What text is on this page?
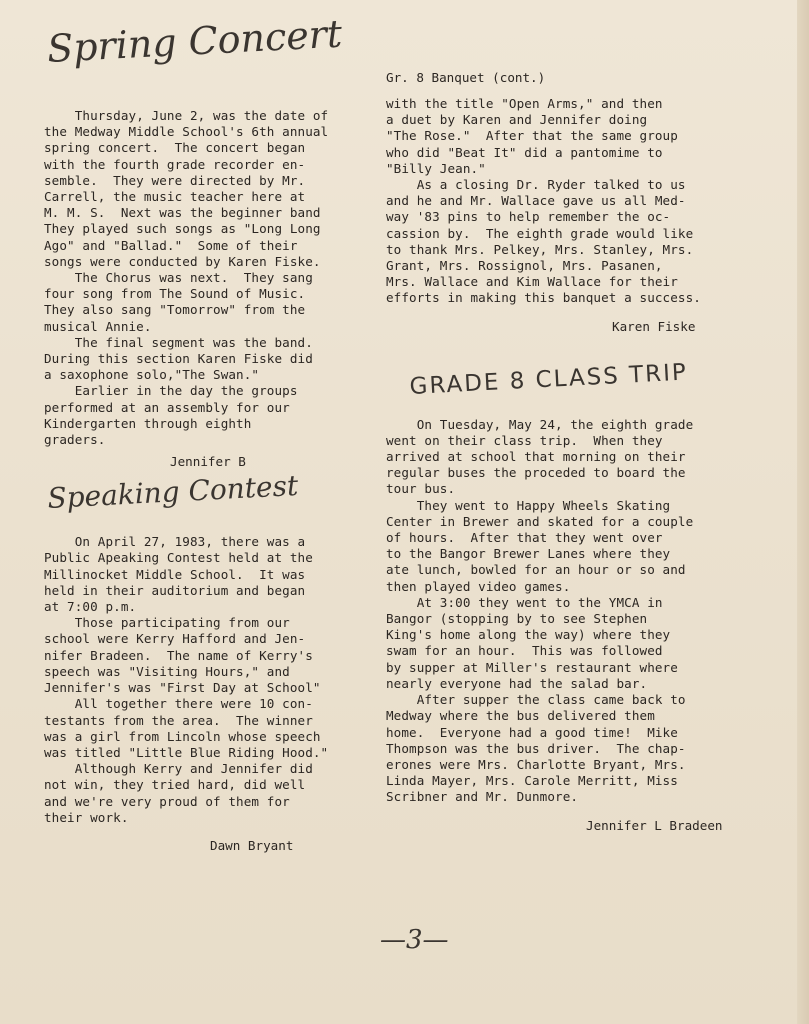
Spring Concert

Thursday, June 2, was the date of
the Medway Middle School's 6th annual
spring concert.  The concert began
with the fourth grade recorder en-
semble.  They were directed by Mr.
Carrell, the music teacher here at
M. M. S.  Next was the beginner band
They played such songs as "Long Long
Ago" and "Ballad."  Some of their
songs were conducted by Karen Fiske.
The Chorus was next.  They sang
four song from The Sound of Music.
They also sang "Tomorrow" from the
musical Annie.
The final segment was the band.
During this section Karen Fiske did
a saxophone solo,"The Swan."
Earlier in the day the groups
performed at an assembly for our
Kindergarten through eighth
graders.

Jennifer B

Speaking Contest

On April 27, 1983, there was a
Public Apeaking Contest held at the
Millinocket Middle School.  It was
held in their auditorium and began
at 7:00 p.m.
Those participating from our
school were Kerry Hafford and Jen-
nifer Bradeen.  The name of Kerry's
speech was "Visiting Hours," and
Jennifer's was "First Day at School"
All together there were 10 con-
testants from the area.  The winner
was a girl from Lincoln whose speech
was titled "Little Blue Riding Hood."
Although Kerry and Jennifer did
not win, they tried hard, did well
and we're very proud of them for
their work.

Dawn Bryant

Gr. 8 Banquet (cont.)

with the title "Open Arms," and then
a duet by Karen and Jennifer doing
"The Rose."  After that the same group
who did "Beat It" did a pantomime to
"Billy Jean."
As a closing Dr. Ryder talked to us
and he and Mr. Wallace gave us all Med-
way '83 pins to help remember the oc-
cassion by.  The eighth grade would like
to thank Mrs. Pelkey, Mrs. Stanley, Mrs.
Grant, Mrs. Rossignol, Mrs. Pasanen,
Mrs. Wallace and Kim Wallace for their
efforts in making this banquet a success.

Karen Fiske

GRADE 8 CLASS TRIP

On Tuesday, May 24, the eighth grade
went on their class trip.  When they
arrived at school that morning on their
regular buses the proceded to board the
tour bus.
They went to Happy Wheels Skating
Center in Brewer and skated for a couple
of hours.  After that they went over
to the Bangor Brewer Lanes where they
ate lunch, bowled for an hour or so and
then played video games.
At 3:00 they went to the YMCA in
Bangor (stopping by to see Stephen
King's home along the way) where they
swam for an hour.  This was followed
by supper at Miller's restaurant where
nearly everyone had the salad bar.
After supper the class came back to
Medway where the bus delivered them
home.  Everyone had a good time!  Mike
Thompson was the bus driver.  The chap-
erones were Mrs. Charlotte Bryant, Mrs.
Linda Mayer, Mrs. Carole Merritt, Miss
Scribner and Mr. Dunmore.

Jennifer L Bradeen

—3—
